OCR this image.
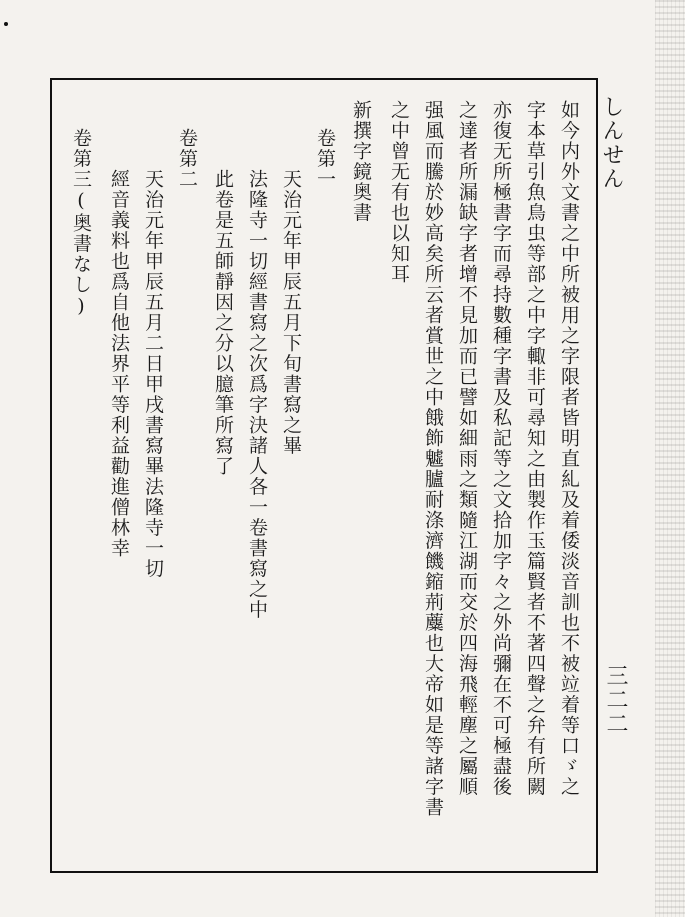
しんせん
三二二

如今内外文書之中所被用之字限者皆明直糺及着倭淡音訓也不被竝着等口ゞ之

字本草引魚鳥虫等部之中字輙非可尋知之由製作玉篇賢者不著四聲之弁有所闕

亦復无所極書字而尋持數種字書及私記等之文拾加字々之外尚彌在不可極盡後

之達者所漏缺字者增不見加而已譬如細雨之類隨江湖而交於四海飛輕塵之屬順

强風而騰於妙高矣所云者賞世之中餓飾魖臚耐涤濟饑鏥荊蘪也大帝如是等諸字書

之中曾无有也以知耳

新撰字鏡奥書

卷第一

　　天治元年甲辰五月下旬書寫之畢

　　法隆寺一切經書寫之次爲字決諸人各一卷書寫之中

　　此卷是五師靜因之分以臆筆所寫了

卷第二

　　天治元年甲辰五月二日甲戌書寫畢法隆寺一切

　　經音義料也爲自他法界平等利益勸進僧林幸

卷第三(奥書なし)
